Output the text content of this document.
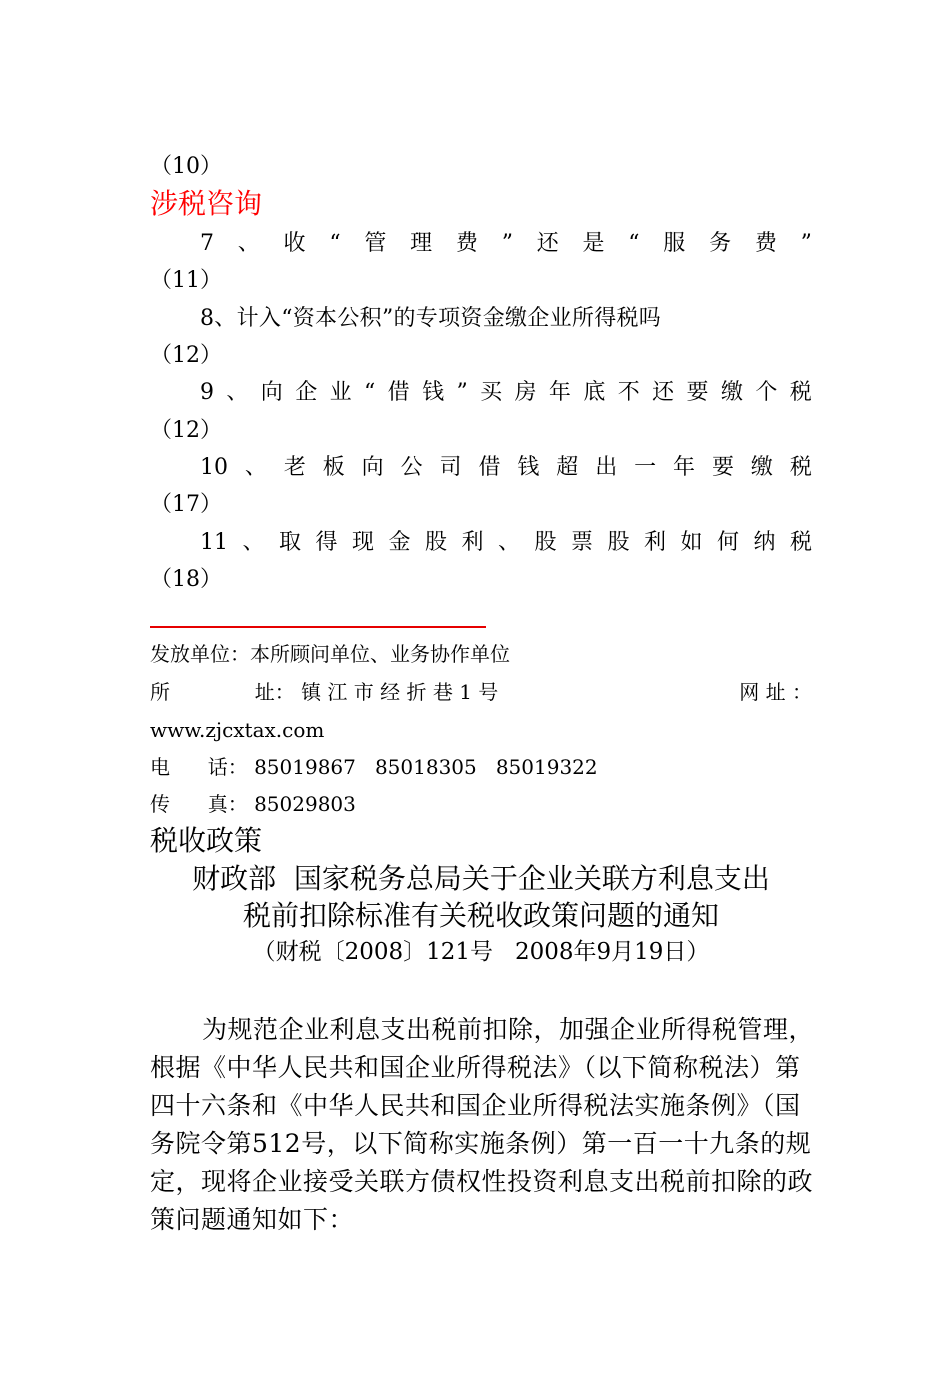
（10）
涉税咨询
7 、 收 “ 管 理 费 ” 还 是 “ 服 务 费 ”
（11）
8、计入“资本公积”的专项资金缴企业所得税吗
（12）
9 、 向 企 业 “ 借 钱 ” 买 房 年 底 不 还 要 缴 个 税
（12）
10 、 老 板 向 公 司 借 钱 超 出 一 年 要 缴 税
（17）
11 、 取 得 现 金 股 利 、 股 票 股 利 如 何 纳 税
（18）
发放单位：本所顾问单位、业务协作单位
所	址： 镇 江 市 经 折 巷 1 号	网 址 ：
www.zjcxtax.com
电 话： 85019867   85018305   85019322
传 真： 85029803
税收政策
财政部  国家税务总局关于企业关联方利息支出
税前扣除标准有关税收政策问题的通知
（财税〔2008〕121号   2008年9月19日）
为规范企业利息支出税前扣除，加强企业所得税管理，
根据《中华人民共和国企业所得税法》（以下简称税法）第
四十六条和《中华人民共和国企业所得税法实施条例》（国
务院令第512号，以下简称实施条例）第一百一十九条的规
定，现将企业接受关联方债权性投资利息支出税前扣除的政
策问题通知如下：
